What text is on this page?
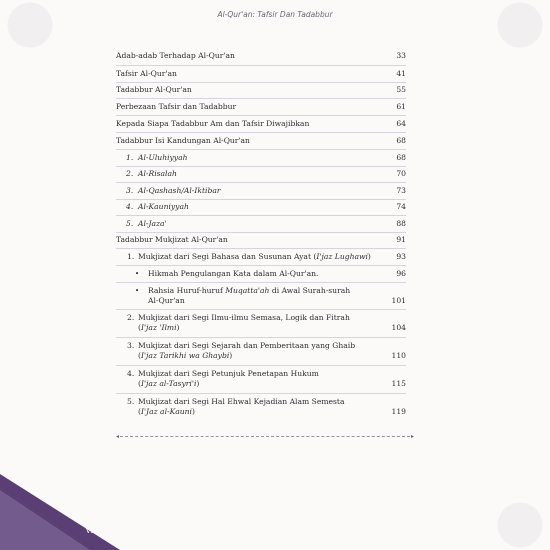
Al-Qur'an: Tafsir Dan Tadabbur
Adab-adab Terhadap Al-Qur'an	33
Tafsir Al-Qur'an	41
Tadabbur Al-Qur'an	55
Perbezaan Tafsir dan Tadabbur	61
Kepada Siapa Tadabbur Am dan Tafsir Diwajibkan	64
Tadabbur Isi Kandungan Al-Qur'an	68
1. Al-Uluhiyyah	68
2. Al-Risalah	70
3. Al-Qashash/Al-Iktibar	73
4. Al-Kauniyyah	74
5. Al-Jaza'	88
Tadabbur Mukjizat Al-Qur'an	91
1. Mukjizat dari Segi Bahasa dan Susunan Ayat (I'jaz Lughawi)	93
• Hikmah Pengulangan Kata dalam Al-Qur'an.	96
• Rahsia Huruf-huruf Muqatta'ah di Awal Surah-surah
Al-Qur'an	101
2. Mukjizat dari Segi Ilmu-ilmu Semasa, Logik dan Fitrah
(I'jaz 'Ilmi)	104
3. Mukjizat dari Segi Sejarah dan Pemberitaan yang Ghaib
(I'jaz Tarikhi wa Ghaybi)	110
4. Mukjizat dari Segi Petunjuk Penetapan Hukum
(I'jaz al-Tasyri'i)	115
5. Mukjizat dari Segi Hal Ehwal Kejadian Alam Semesta
(I'Jaz al-Kauni)	119
◂	▸
vi
